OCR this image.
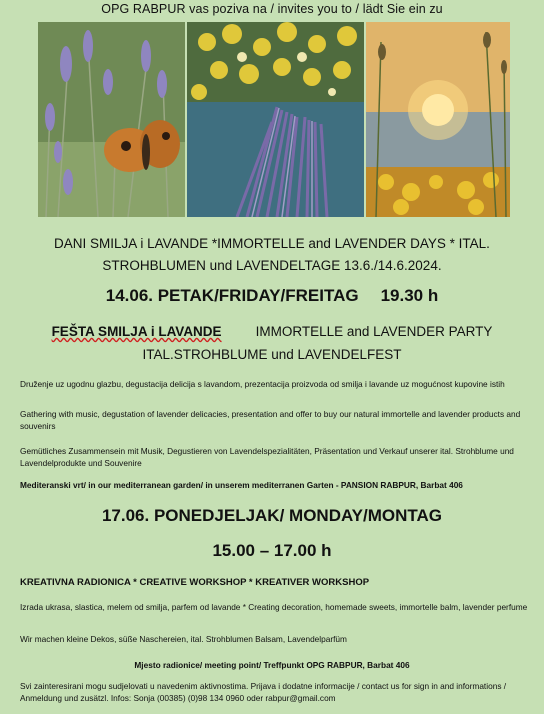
OPG RABPUR vas poziva na / invites you to / lädt Sie ein zu
DANI SMILJA i LAVANDE *IMMORTELLE and LAVENDER DAYS * ITAL.
STROHBLUMEN und LAVENDELTAGE 13.6./14.6.2024.
14.06. PETAK/FRIDAY/FREITAG 19.30 h
FEŠTA SMILJA i LAVANDE	IMMORTELLE and LAVENDER PARTY
ITAL.STROHBLUME und LAVENDELFEST
Druženje uz ugodnu glazbu, degustacija delicija s lavandom, prezentacija proizvoda od smilja i lavande uz mogućnost kupovine istih
Gathering with music, degustation of lavender delicacies, presentation and offer to buy our natural immortelle and lavender products and souvenirs
Gemütliches Zusammensein mit Musik, Degustieren von Lavendelspezialitäten, Präsentation und Verkauf unserer ital. Strohblume und Lavendelprodukte und Souvenire
Mediteranski vrt/ in our mediterranean garden/ in unserem mediterranen Garten - PANSION RABPUR, Barbat 406
17.06. PONEDJELJAK/ MONDAY/MONTAG
15.00 – 17.00 h
KREATIVNA RADIONICA * CREATIVE WORKSHOP * KREATIVER WORKSHOP
Izrada ukrasa, slastica, melem od smilja, parfem od lavande * Creating decoration, homemade sweets, immortelle balm, lavender perfume
Wir machen kleine Dekos, süße Naschereien, ital. Strohblumen Balsam, Lavendelparfüm
Mjesto radionice/ meeting point/ Treffpunkt OPG RABPUR, Barbat 406
Svi zainteresirani mogu sudjelovati u navedenim aktivnostima. Prijava i dodatne informacije / contact us for sign in and informations / Anmeldung und zusätzl. Infos: Sonja (00385) (0)98 134 0960 oder rabpur@gmail.com
